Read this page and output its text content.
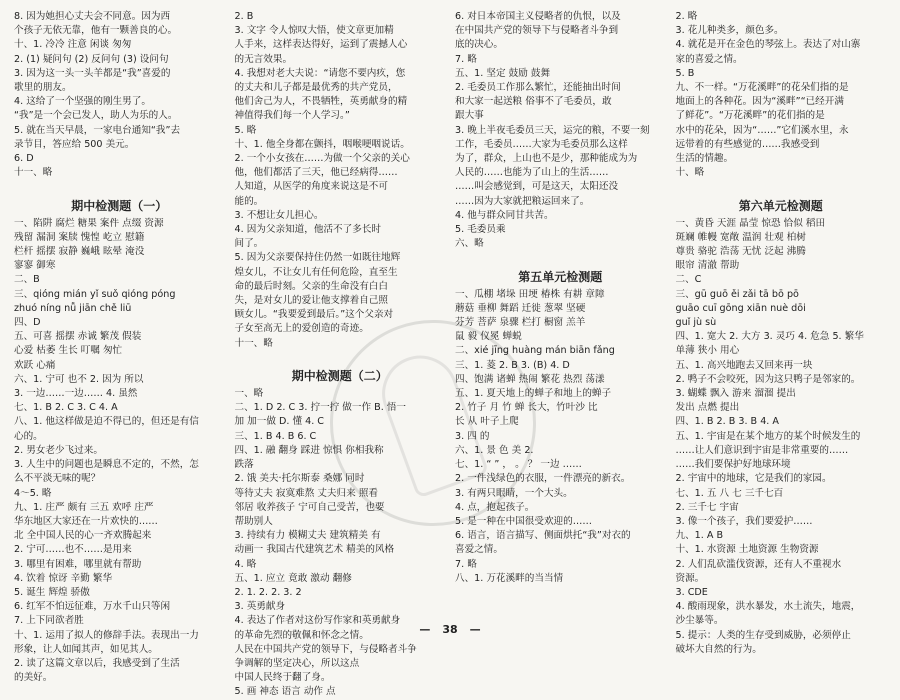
8. 因为她担心丈夫会不同意。因为西
个孩子无依无靠，他有一颗善良的心。
十、1. 冷冷 注意 闲谈 匆匆
2. (1) 疑问句 (2) 反问句 (3) 设问句
3. 因为这一头一头羊都是“我”喜爱的
歌里的朋友。
4. 这给了一个坚强的刚生男了。
“我”是一个会已发人，助人为乐的人。
5. 就在当天早晨，一家电台通知“我”去
录节目，答应给 500 美元。
6. D
十一、略

期中检测题（一）
一、陷阱 腐烂 糖果 案件 点缀 资源
残留 漏洞 案牍 愧惶 屹立 慰籍
栏杆 摇摆 寂静 巍峨 眩晕 淹没
寥寥 御寒
二、B
三、qióng mián yǐ suǒ qióng póng
zhuó níng nǚ jiān chě liū
四、D
五、可喜 摇摆 赤诚 繁茂 假装
心爱 枯萎 生长 叮嘱 匆忙
欢跃 心痛
六、1. 宁可 也不 2. 因为 所以
3. 一边……一边…… 4. 虽然
七、1. B 2. C 3. C 4. A
八、1. 他这样做是迫不得已的，但还是有信
心的。
2. 男女老少飞过来。
3. 人生中的问题也是瞬息不定的，不然，怎
么不平淡无味的呢？
4～5. 略
九、1. 庄严 颇有 三五 欢呼 庄严
华东地区大家还在一片欢快的……
北 全中国人民的心一齐欢腾起来
2. 宁可……也不……是用来
3. 哪里有困难，哪里就有帮助
4. 饮着 惊讶 辛勤 繁华
5. 诞生 辉煌 骄傲
6. 红军不怕远征难，万水千山只等闲
7. 上下同欲者胜
十、1. 运用了拟人的修辞手法。表现出一力
形象，让人如闻其声，如见其人。
2. 读了这篇文章以后，我感受到了生活
的美好。
2. B
3. 文字 令人惊叹大悟，使文章更加精
人手来，这样表达得好，运到了震撼人心
的无言效果。
4. 我想对老大夫说：“请您不要内疚，您
的丈夫和儿子都是最优秀的共产党员，
他们舍己为人，不畏牺牲，英勇献身的精
神值得我们每一个人学习。”
5. 略
十、1. 他全身都在颤抖，咽喉哽咽说话。
2. 一个小女孩在……为做一个父亲的关心
他，他们都活了三天，他已经病得……
人知道，从医学的角度来说这是不可
能的。
3. 不想让女儿担心。
4. 因为父亲知道，他活不了多长时
间了。
5. 因为父亲要保持住仍然一如既往地辉
煌女儿，不让女儿有任何危险，直至生
命的最后时刻。父亲的生命没有白白
失，是对女儿的爱让他支撑着自己照
顾女儿。“我要爱到最后。”这个父亲对
子女至高无上的爱创造的奇迹。
十一、略

期中检测题（二）
一、略
二、1. D 2. C 3. 拧一拧 做一作 B. 悟一
加 加一做 D. 懂 4. C
三、1. B 4. B 6. C
四、1. 融 翻身 踩进 惊惧 你相我称
跌落
2. 饿 美夫·托尔斯泰 桑娜 同时
等待丈夫 寂寞难熬 丈夫归来 照看
邻居 收养孩子 宁可自己受苦，也要
帮助别人
3. 持续有力 模糊丈夫 建筑精美 有
动画一 我国古代建筑艺术 精美的风格
4. 略
五、1. 应立 竟敢 激动 翻修
2. 1. 2. 2. 3. 2
3. 英勇献身
4. 表达了作者对这份写作家和英勇献身
的革命先烈的敬佩和怀念之情。
人民在中国共产党的领导下，与侵略者斗争
争调解的坚定决心，所以这点
中国人民终于翻了身。
5. 画 神态 语言 动作 点
6. 对日本帝国主义侵略者的仇恨，以及
在中国共产党的领导下与侵略者斗争到
底的决心。
7. 略
五、1. 坚定 鼓励 鼓舞
2. 毛委员工作那么繁忙，还能抽出时间
和大家一起送粮 俗事不了毛委员，敢
跟大事
3. 晚上半夜毛委员三天，运完的粮，不要一刻
工作，毛委员……大家为毛委员那么这样
为了，群众，上山也不是少，那种能成为为
人民的……也能为了山上的生活……
……叫会感觉到，可是这天，太阳还没
……因为大家就把粮运回来了。
4. 他与群众同甘共苦。
5. 毛委员乘
六、略

第五单元检测题
一、瓜棚 堵垛 田埂 椿株 有耕 章障
蘑菇 垂柳 舞蹈 迁徙 葱翠 坚硬
芬芳 菩萨 泉骤 栏打 橱窗 羔羊
鼠 毅 仪冕 蝉蜕
二、xié jīng huàng mán biān fǎng
三、1. 菱 2. B 3. (B) 4. D
四、饱满 诸蝉 热闹 繁花 热烈 荡漾
五、1. 夏天地上的蝉子和地上的蝉子
2. 竹子 月 竹 蝉 长大，竹叶沙 比
长 从 叶子上爬
3. 四 的
六、1. 景 色 美 2.
七、1. “ ” ， 。 ？ 一边 ……
2. 一件浅绿色的衣服，一件漂亮的新衣。
3. 有两只眼睛，一个大头。
4. 点，抱起孩子。
5. 是一种在中国很受欢迎的……
6. 语言，语言描写、侧面烘托“我”对衣的
喜爱之情。
7. 略
八、1. 万花溪畔的当当情
2. 略
3. 花儿种类多，颜色多。
4. 就花是开在金色的琴弦上。表达了对山寨
家的喜爱之情。
5. B
九、不一样。“万花溪畔”的花朵们指的是
地面上的各种花。因为“溪畔”“已经开满
了鲜花”。“万花溪畔”的花们指的是
水中的花朵，因为“……”它们溪水里，永
远带着的有些感觉的……我感受到
生活的情趣。
十、略

第六单元检测题
一、黄昏 天涯 晶莹 惊恐 恰似 稻田
斑斓 帷幔 宽敞 温润 壮观 柏树
尊贵 骆驼 浩荡 无忧 泛起 沸腾
眼帘 清澈 帮助
二、C
三、gū guō ěi zǎi tā bō pō
guāo cuī gōng xiān nuè dōi
guǐ jù sù
四、1. 宽大 2. 大方 3. 灵巧 4. 危急 5. 繁华
单薄 狭小 用心
五、1. 高兴地跑去又回来再一块
2. 鸭子不会咬死，因为这只鸭子是邻家的。
3. 蝴蝶 飘入 游来 溜溜 提出
发出 点燃 提出
四、1. B 2. B 3. B 4. A
五、1. 宇宙是在某个地方的某个时候发生的
……让人们意识到宇宙是非常重要的……
……我们要保护好地球环境
2. 宇宙中的地球，它是我们的家园。
七、1. 五 八 七 三千七百
2. 三千七 宇宙
3. 像一个孩子，我们要爱护……
九、1. A B
十、1. 水资源 土地资源 生物资源
2. 人们乱砍滥伐资源，还有人不重视水
资源。
3. CDE
4. 酸雨现象，洪水暴发，水土流失，地震，
沙尘暴等。
5. 提示：人类的生存受到威胁，必须停止
破坏大自然的行为。
— 38 —
